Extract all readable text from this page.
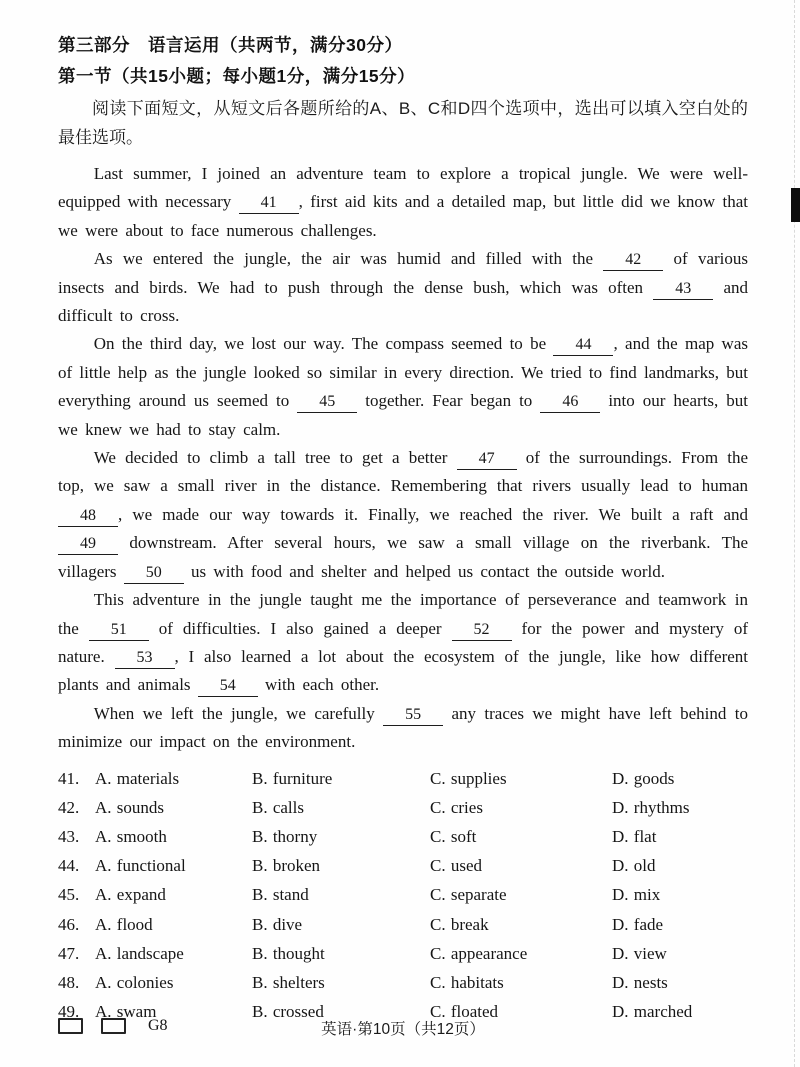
第三部分　语言运用（共两节，满分30分）
第一节（共15小题；每小题1分，满分15分）

阅读下面短文，从短文后各题所给的A、B、C和D四个选项中，选出可以填入空白处的最佳选项。

Last summer, I joined an adventure team to explore a tropical jungle. We were well-equipped with necessary 41 , first aid kits and a detailed map, but little did we know that we were about to face numerous challenges.

As we entered the jungle, the air was humid and filled with the 42 of various insects and birds. We had to push through the dense bush, which was often 43 and difficult to cross.

On the third day, we lost our way. The compass seemed to be 44 , and the map was of little help as the jungle looked so similar in every direction. We tried to find landmarks, but everything around us seemed to 45 together. Fear began to 46 into our hearts, but we knew we had to stay calm.

We decided to climb a tall tree to get a better 47 of the surroundings. From the top, we saw a small river in the distance. Remembering that rivers usually lead to human 48 , we made our way towards it. Finally, we reached the river. We built a raft and 49 downstream. After several hours, we saw a small village on the riverbank. The villagers 50 us with food and shelter and helped us contact the outside world.

This adventure in the jungle taught me the importance of perseverance and teamwork in the 51 of difficulties. I also gained a deeper 52 for the power and mystery of nature. 53 , I also learned a lot about the ecosystem of the jungle, like how different plants and animals 54 with each other.

When we left the jungle, we carefully 55 any traces we might have left behind to minimize our impact on the environment.

41. A. materials	B. furniture	C. supplies	D. goods
42. A. sounds	B. calls	C. cries	D. rhythms
43. A. smooth	B. thorny	C. soft	D. flat
44. A. functional	B. broken	C. used	D. old
45. A. expand	B. stand	C. separate	D. mix
46. A. flood	B. dive	C. break	D. fade
47. A. landscape	B. thought	C. appearance	D. view
48. A. colonies	B. shelters	C. habitats	D. nests
49. A. swam	B. crossed	C. floated	D. marched
G8	英语·第10页（共12页）
